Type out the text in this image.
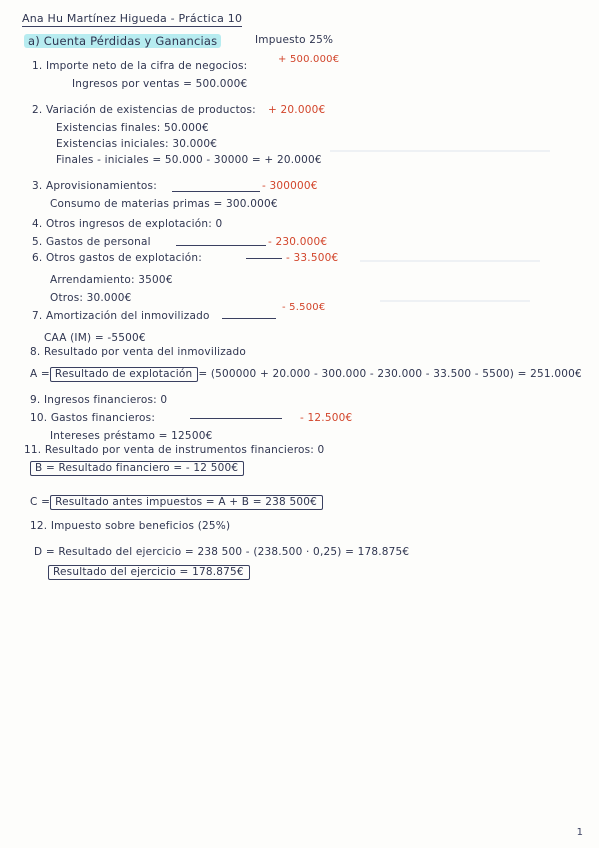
Ana Hu Martínez Higueda - Práctica 10
a) Cuenta Pérdidas y Ganancias	Impuesto 25%
1. Importe neto de la cifra de negocios:
+ 500.000€
Ingresos por ventas = 500.000€
2. Variación de existencias de productos: + 20.000€
Existencias finales: 50.000€
Existencias iniciales: 30.000€
Finales - iniciales = 50.000 - 30000 = + 20.000€
3. Aprovisionamientos:	- 300000€
Consumo de materias primas = 300.000€
4. Otros ingresos de explotación: 0
5. Gastos de personal	- 230.000€
6. Otros gastos de explotación:	- 33.500€
Arrendamiento: 3500€
Otros: 30.000€
7. Amortización del inmovilizado
- 5.500€
CAA (IM) = -5500€
8. Resultado por venta del inmovilizado
A = Resultado de explotación = (500000 + 20.000 - 300.000 - 230.000 - 33.500 - 5500) = 251.000€
9. Ingresos financieros: 0
10. Gastos financieros:	- 12.500€
Intereses préstamo = 12500€
11. Resultado por venta de instrumentos financieros: 0
B = Resultado financiero = - 12 500€
C = Resultado antes impuestos = A + B = 238 500€
12. Impuesto sobre beneficios (25%)
D = Resultado del ejercicio = 238 500 - (238.500 · 0,25) = 178.875€
Resultado del ejercicio = 178.875€
1
